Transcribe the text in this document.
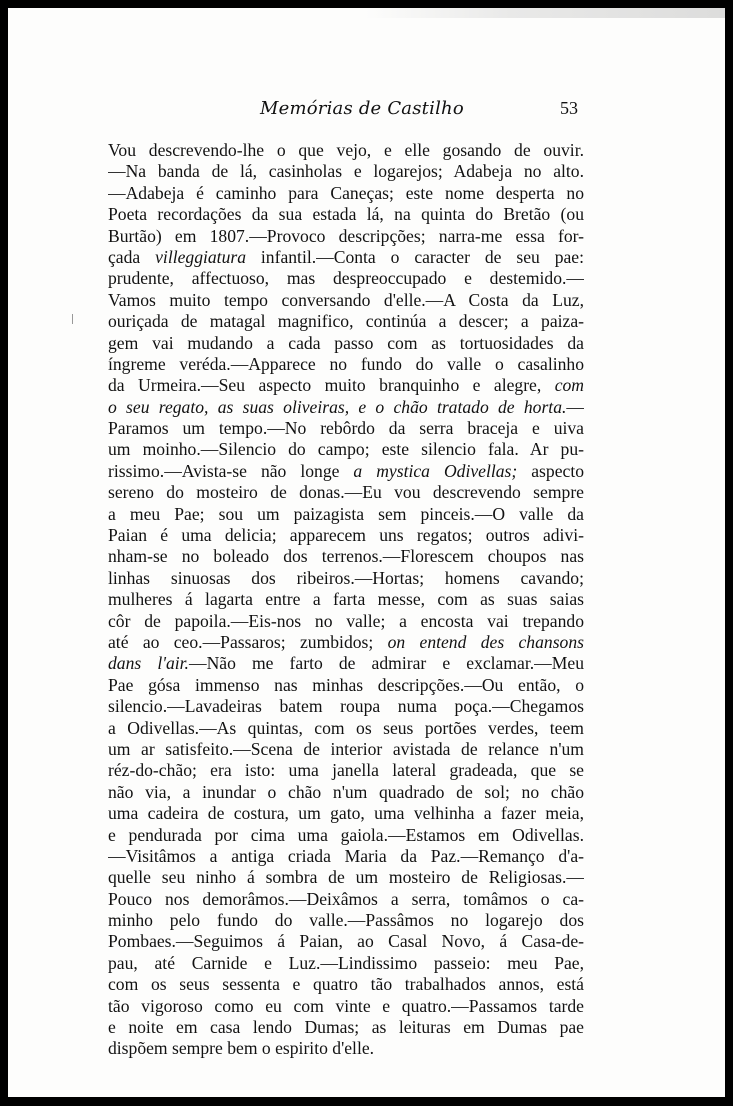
Memórias de Castilho	53
Vou descrevendo-lhe o que vejo, e elle gosando de ouvir.
—Na banda de lá, casinholas e logarejos; Adabeja no alto.
—Adabeja é caminho para Caneças; este nome desperta no
Poeta recordações da sua estada lá, na quinta do Bretão (ou
Burtão) em 1807.—Provoco descripções; narra-me essa for-
çada villeggiatura infantil.—Conta o caracter de seu pae:
prudente, affectuoso, mas despreoccupado e destemido.—
Vamos muito tempo conversando d'elle.—A Costa da Luz,
ouriçada de matagal magnifico, continúa a descer; a paiza-
gem vai mudando a cada passo com as tortuosidades da
íngreme veréda.—Apparece no fundo do valle o casalinho
da Urmeira.—Seu aspecto muito branquinho e alegre, com
o seu regato, as suas oliveiras, e o chão tratado de horta.—
Paramos um tempo.—No rebôrdo da serra braceja e uiva
um moinho.—Silencio do campo; este silencio fala. Ar pu-
rissimo.—Avista-se não longe a mystica Odivellas; aspecto
sereno do mosteiro de donas.—Eu vou descrevendo sempre
a meu Pae; sou um paizagista sem pinceis.—O valle da
Paian é uma delicia; apparecem uns regatos; outros adivi-
nham-se no boleado dos terrenos.—Florescem choupos nas
linhas sinuosas dos ribeiros.—Hortas; homens cavando;
mulheres á lagarta entre a farta messe, com as suas saias
côr de papoila.—Eis-nos no valle; a encosta vai trepando
até ao ceo.—Passaros; zumbidos; on entend des chansons
dans l'air.—Não me farto de admirar e exclamar.—Meu
Pae gósa immenso nas minhas descripções.—Ou então, o
silencio.—Lavadeiras batem roupa numa poça.—Chegamos
a Odivellas.—As quintas, com os seus portões verdes, teem
um ar satisfeito.—Scena de interior avistada de relance n'um
réz-do-chão; era isto: uma janella lateral gradeada, que se
não via, a inundar o chão n'um quadrado de sol; no chão
uma cadeira de costura, um gato, uma velhinha a fazer meia,
e pendurada por cima uma gaiola.—Estamos em Odivellas.
—Visitâmos a antiga criada Maria da Paz.—Remanço d'a-
quelle seu ninho á sombra de um mosteiro de Religiosas.—
Pouco nos demorâmos.—Deixâmos a serra, tomâmos o ca-
minho pelo fundo do valle.—Passâmos no logarejo dos
Pombaes.—Seguimos á Paian, ao Casal Novo, á Casa-de-
pau, até Carnide e Luz.—Lindissimo passeio: meu Pae,
com os seus sessenta e quatro tão trabalhados annos, está
tão vigoroso como eu com vinte e quatro.—Passamos tarde
e noite em casa lendo Dumas; as leituras em Dumas pae
dispõem sempre bem o espirito d'elle.
